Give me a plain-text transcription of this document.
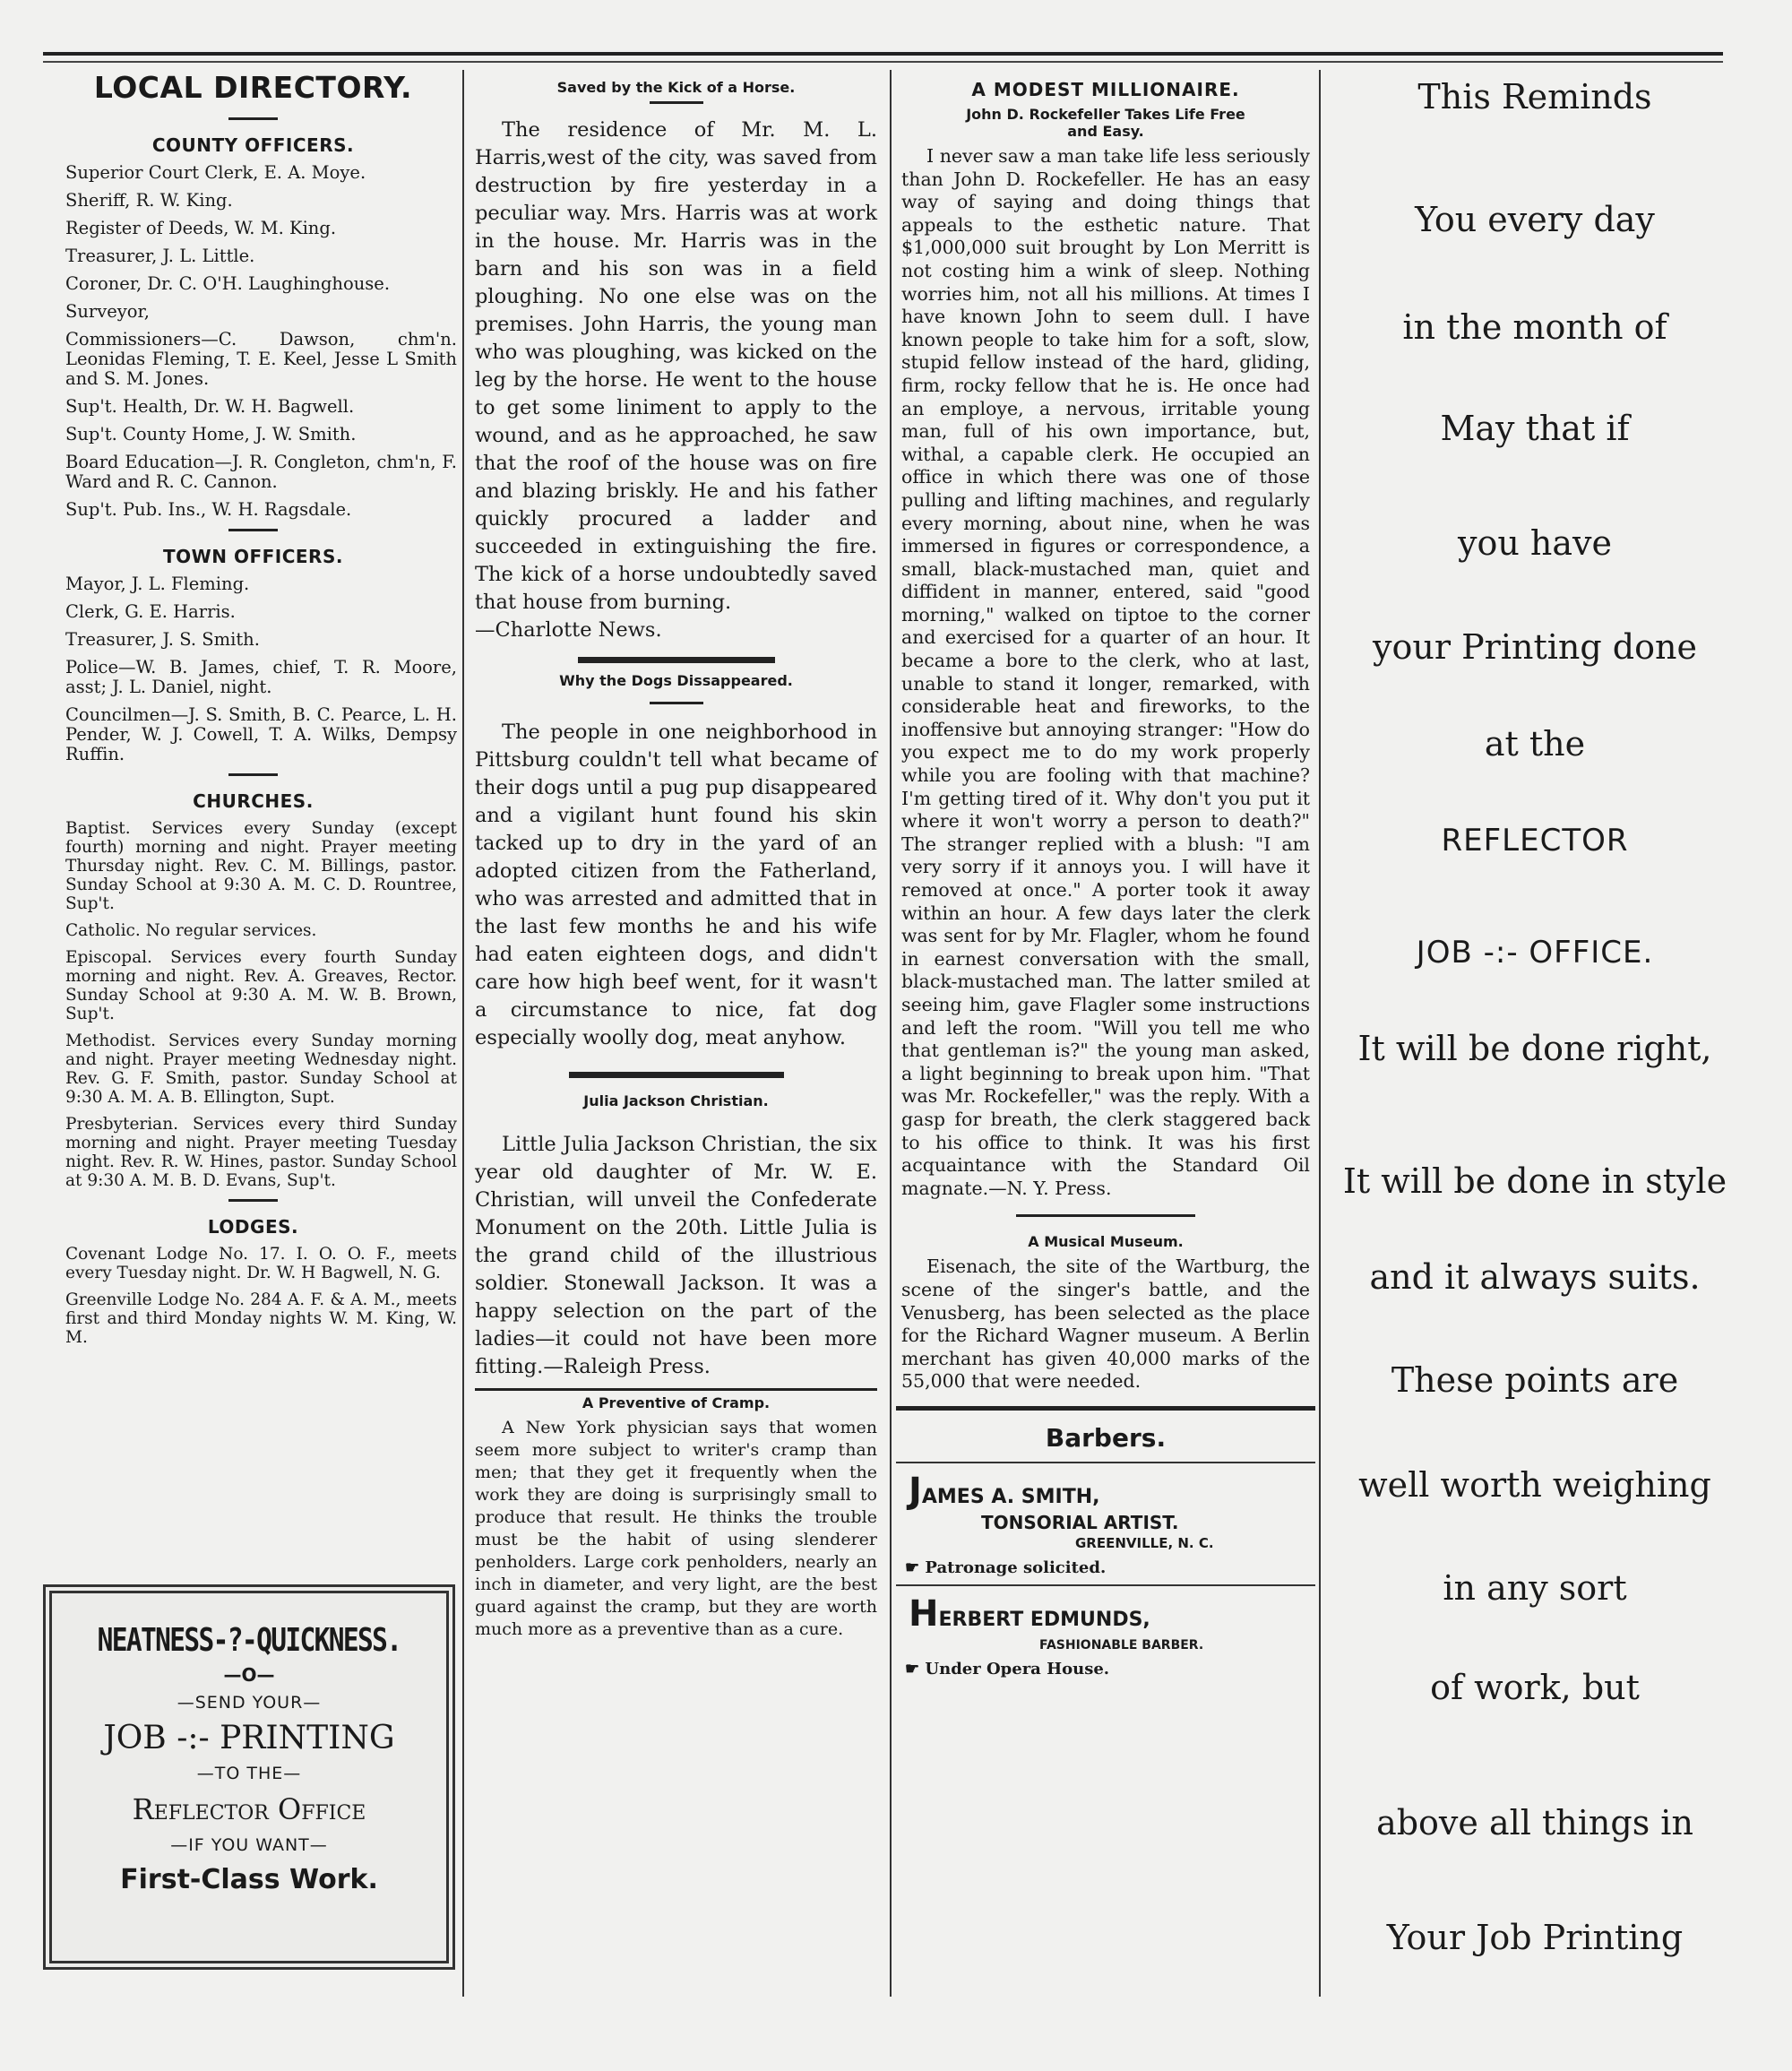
LOCAL DIRECTORY.
COUNTY OFFICERS.
Superior Court Clerk, E. A. Moye.
Sheriff, R. W. King.
Register of Deeds, W. M. King.
Treasurer, J. L. Little.
Coroner, Dr. C. O'H. Laughinghouse.
Surveyor,
Commissioners—C. Dawson, chm'n. Leonidas Fleming, T. E. Keel, Jesse L Smith and S. M. Jones.
Sup't. Health, Dr. W. H. Bagwell.
Sup't. County Home, J. W. Smith.
Board Education—J. R. Congleton, chm'n, F. Ward and R. C. Cannon.
Sup't. Pub. Ins., W. H. Ragsdale.
TOWN OFFICERS.
Mayor, J. L. Fleming.
Clerk, G. E. Harris.
Treasurer, J. S. Smith.
Police—W. B. James, chief, T. R. Moore, asst; J. L. Daniel, night.
Councilmen—J. S. Smith, B. C. Pearce, L. H. Pender, W. J. Cowell, T. A. Wilks, Dempsy Ruffin.
CHURCHES.
Baptist. Services every Sunday (except fourth) morning and night. Prayer meeting Thursday night. Rev. C. M. Billings, pastor. Sunday School at 9:30 A. M. C. D. Rountree, Sup't.
Catholic. No regular services.
Episcopal. Services every fourth Sunday morning and night. Rev. A. Greaves, Rector. Sunday School at 9:30 A. M. W. B. Brown, Sup't.
Methodist. Services every Sunday morning and night. Prayer meeting Wednesday night. Rev. G. F. Smith, pastor. Sunday School at 9:30 A. M. A. B. Ellington, Supt.
Presbyterian. Services every third Sunday morning and night. Prayer meeting Tuesday night. Rev. R. W. Hines, pastor. Sunday School at 9:30 A. M. B. D. Evans, Sup't.
LODGES.
Covenant Lodge No. 17. I. O. O. F., meets every Tuesday night. Dr. W. H Bagwell, N. G.
Greenville Lodge No. 284 A. F. & A. M., meets first and third Monday nights W. M. King, W. M.
NEATNESS-?-QUICKNESS.
—O—
—SEND YOUR—
JOB -:- PRINTING
—TO THE—
Reflector Office
—IF YOU WANT—
First-Class Work.
Saved by the Kick of a Horse.
The residence of Mr. M. L. Harris,west of the city, was saved from destruction by fire yesterday in a peculiar way. Mrs. Harris was at work in the house. Mr. Harris was in the barn and his son was in a field ploughing. No one else was on the premises. John Harris, the young man who was ploughing, was kicked on the leg by the horse. He went to the house to get some liniment to apply to the wound, and as he approached, he saw that the roof of the house was on fire and blazing briskly. He and his father quickly procured a ladder and succeeded in extinguishing the fire. The kick of a horse undoubtedly saved that house from burning.
—Charlotte News.
Why the Dogs Dissappeared.
The people in one neighborhood in Pittsburg couldn't tell what became of their dogs until a pug pup disappeared and a vigilant hunt found his skin tacked up to dry in the yard of an adopted citizen from the Fatherland, who was arrested and admitted that in the last few months he and his wife had eaten eighteen dogs, and didn't care how high beef went, for it wasn't a circumstance to nice, fat dog especially woolly dog, meat anyhow.
Julia Jackson Christian.
Little Julia Jackson Christian, the six year old daughter of Mr. W. E. Christian, will unveil the Confederate Monument on the 20th. Little Julia is the grand child of the illustrious soldier. Stonewall Jackson. It was a happy selection on the part of the ladies—it could not have been more fitting.—Raleigh Press.
A Preventive of Cramp.
A New York physician says that women seem more subject to writer's cramp than men; that they get it frequently when the work they are doing is surprisingly small to produce that result. He thinks the trouble must be the habit of using slenderer penholders. Large cork penholders, nearly an inch in diameter, and very light, are the best guard against the cramp, but they are worth much more as a preventive than as a cure.
A MODEST MILLIONAIRE.
John D. Rockefeller Takes Life Free and Easy.
I never saw a man take life less seriously than John D. Rockefeller. He has an easy way of saying and doing things that appeals to the esthetic nature. That $1,000,000 suit brought by Lon Merritt is not costing him a wink of sleep. Nothing worries him, not all his millions. At times I have known John to seem dull. I have known people to take him for a soft, slow, stupid fellow instead of the hard, gliding, firm, rocky fellow that he is. He once had an employe, a nervous, irritable young man, full of his own importance, but, withal, a capable clerk. He occupied an office in which there was one of those pulling and lifting machines, and regularly every morning, about nine, when he was immersed in figures or correspondence, a small, black-mustached man, quiet and diffident in manner, entered, said "good morning," walked on tiptoe to the corner and exercised for a quarter of an hour. It became a bore to the clerk, who at last, unable to stand it longer, remarked, with considerable heat and fireworks, to the inoffensive but annoying stranger: "How do you expect me to do my work properly while you are fooling with that machine? I'm getting tired of it. Why don't you put it where it won't worry a person to death?" The stranger replied with a blush: "I am very sorry if it annoys you. I will have it removed at once." A porter took it away within an hour. A few days later the clerk was sent for by Mr. Flagler, whom he found in earnest conversation with the small, black-mustached man. The latter smiled at seeing him, gave Flagler some instructions and left the room. "Will you tell me who that gentleman is?" the young man asked, a light beginning to break upon him. "That was Mr. Rockefeller," was the reply. With a gasp for breath, the clerk staggered back to his office to think. It was his first acquaintance with the Standard Oil magnate.—N. Y. Press.
A Musical Museum.
Eisenach, the site of the Wartburg, the scene of the singer's battle, and the Venusberg, has been selected as the place for the Richard Wagner museum. A Berlin merchant has given 40,000 marks of the 55,000 that were needed.
Barbers.
JAMES A. SMITH,
TONSORIAL ARTIST.
GREENVILLE, N. C.
☛ Patronage solicited.
HERBERT EDMUNDS,
FASHIONABLE BARBER.
☛ Under Opera House.

This Reminds

You every day

in the month of

May that if

you have

your Printing done

at the

REFLECTOR

JOB -:- OFFICE.

It will be done right,

It will be done in style

and it always suits.

These points are

well worth weighing

in any sort

of work, but

above all things in

Your Job Printing
